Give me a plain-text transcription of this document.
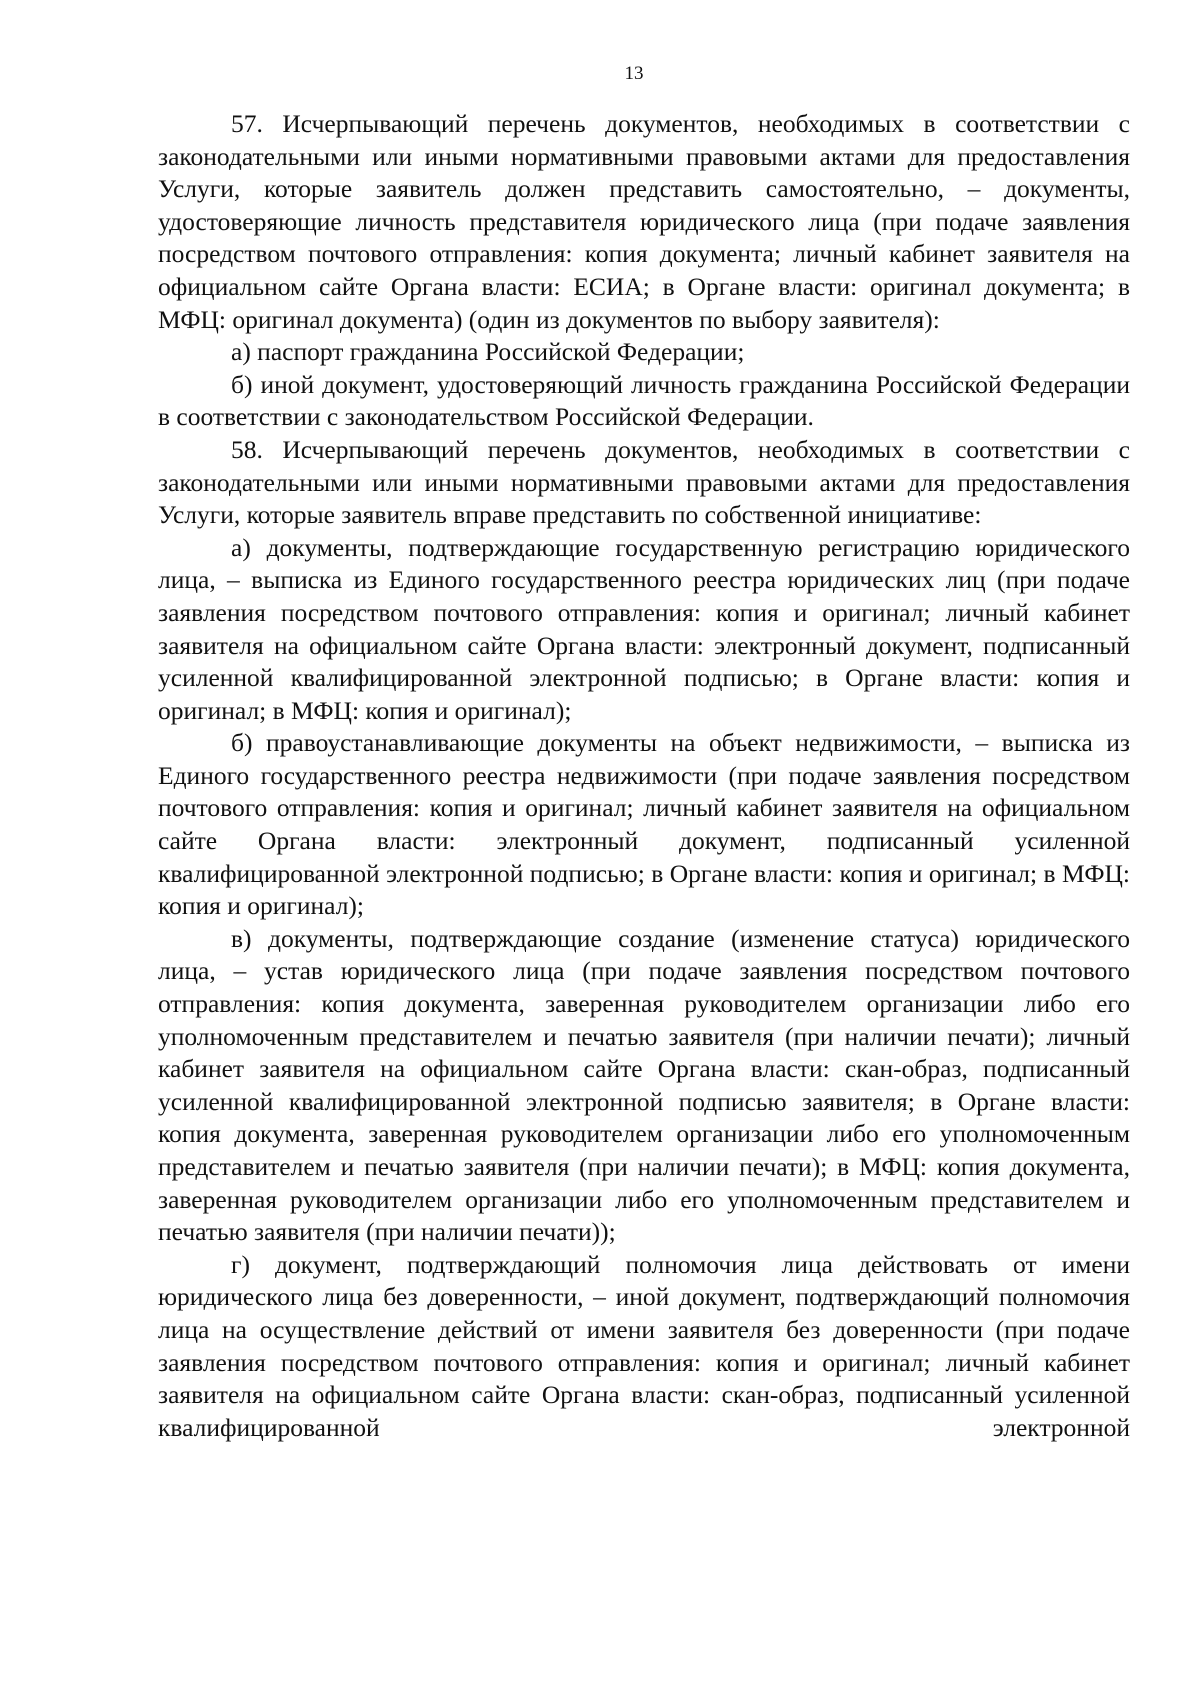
13

57. Исчерпывающий перечень документов, необходимых в соответствии с законодательными или иными нормативными правовыми актами для предоставления Услуги, которые заявитель должен представить самостоятельно, – документы, удостоверяющие личность представителя юридического лица (при подаче заявления посредством почтового отправления: копия документа; личный кабинет заявителя на официальном сайте Органа власти: ЕСИА; в Органе власти: оригинал документа; в МФЦ: оригинал документа) (один из документов по выбору заявителя):

а) паспорт гражданина Российской Федерации;

б) иной документ, удостоверяющий личность гражданина Российской Федерации в соответствии с законодательством Российской Федерации.

58. Исчерпывающий перечень документов, необходимых в соответствии с законодательными или иными нормативными правовыми актами для предоставления Услуги, которые заявитель вправе представить по собственной инициативе:

а) документы, подтверждающие государственную регистрацию юридического лица, – выписка из Единого государственного реестра юридических лиц (при подаче заявления посредством почтового отправления: копия и оригинал; личный кабинет заявителя на официальном сайте Органа власти: электронный документ, подписанный усиленной квалифицированной электронной подписью; в Органе власти: копия и оригинал; в МФЦ: копия и оригинал);

б) правоустанавливающие документы на объект недвижимости, – выписка из Единого государственного реестра недвижимости (при подаче заявления посредством почтового отправления: копия и оригинал; личный кабинет заявителя на официальном сайте Органа власти: электронный документ, подписанный усиленной квалифицированной электронной подписью; в Органе власти: копия и оригинал; в МФЦ: копия и оригинал);

в) документы, подтверждающие создание (изменение статуса) юридического лица, – устав юридического лица (при подаче заявления посредством почтового отправления: копия документа, заверенная руководителем организации либо его уполномоченным представителем и печатью заявителя (при наличии печати); личный кабинет заявителя на официальном сайте Органа власти: скан-образ, подписанный усиленной квалифицированной электронной подписью заявителя; в Органе власти: копия документа, заверенная руководителем организации либо его уполномоченным представителем и печатью заявителя (при наличии печати); в МФЦ: копия документа, заверенная руководителем организации либо его уполномоченным представителем и печатью заявителя (при наличии печати));

г) документ, подтверждающий полномочия лица действовать от имени юридического лица без доверенности, – иной документ, подтверждающий полномочия лица на осуществление действий от имени заявителя без доверенности (при подаче заявления посредством почтового отправления: копия и оригинал; личный кабинет заявителя на официальном сайте Органа власти: скан-образ, подписанный усиленной квалифицированной электронной
